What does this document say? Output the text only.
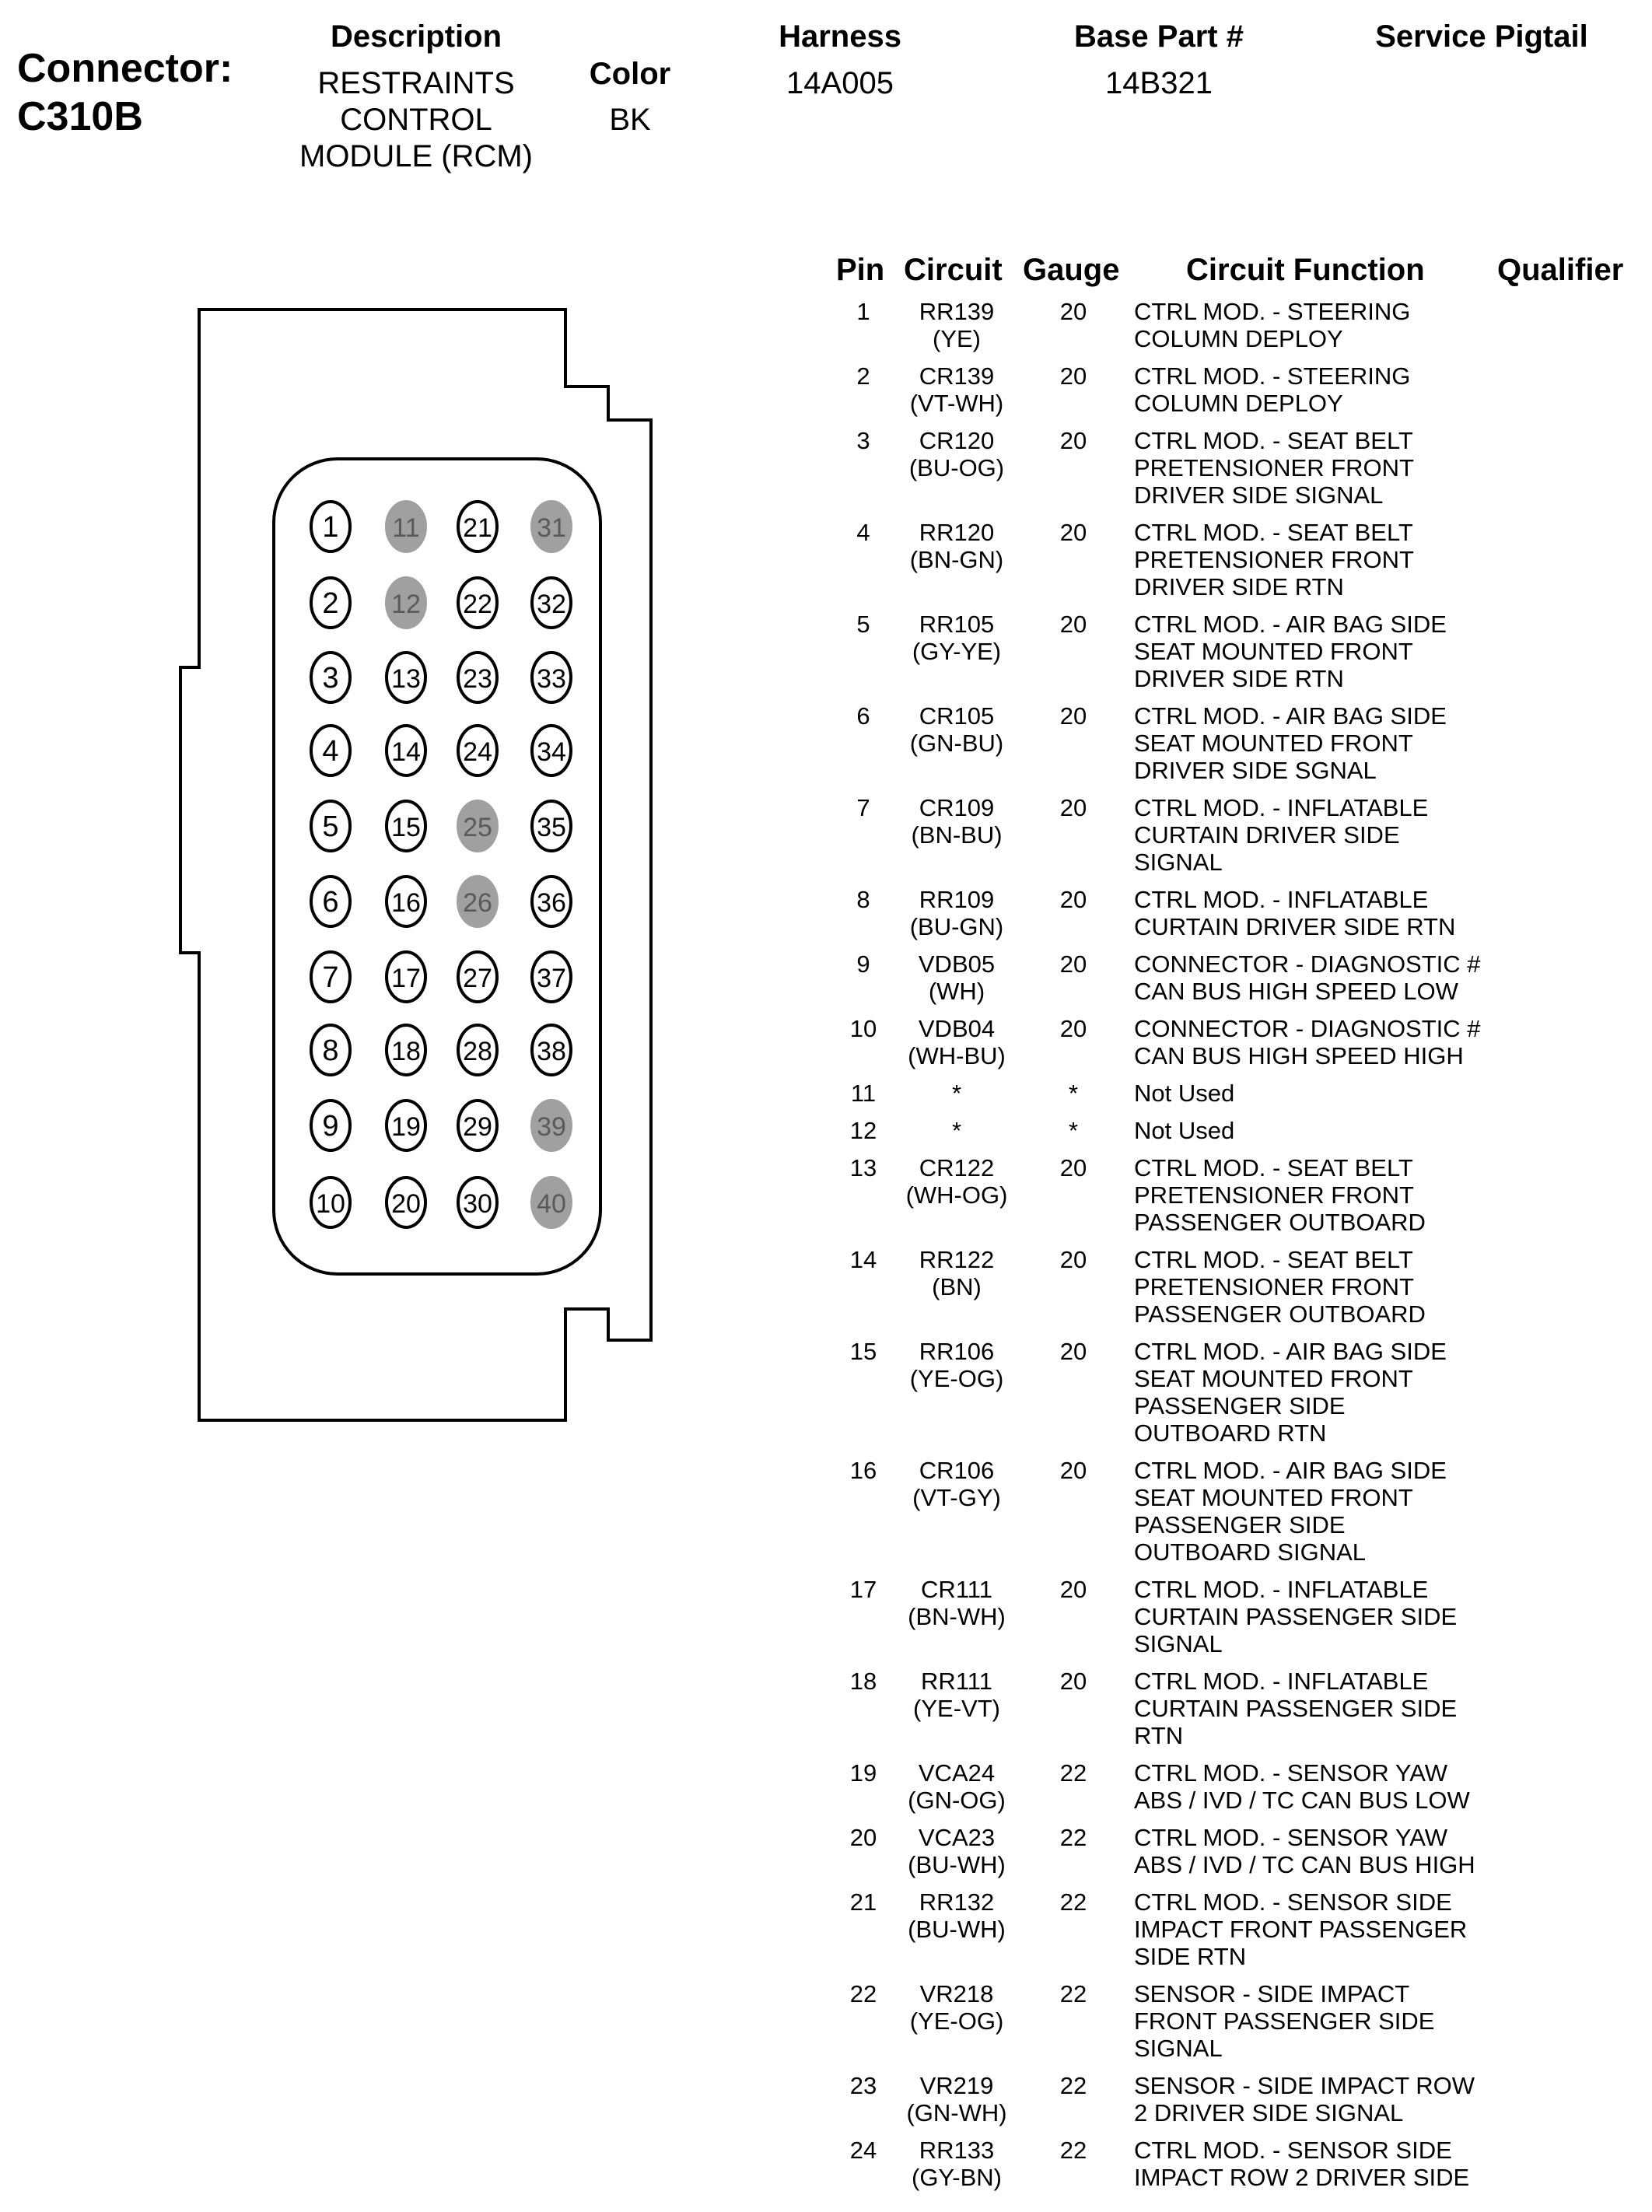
Connector:
C310B
Description
RESTRAINTS
CONTROL
MODULE (RCM)
Color
BK
Harness
14A005
Base Part #
14B321
Service Pigtail
1
2
3
4
5
6
7
8
9
10
11
12
13
14
15
16
17
18
19
20
21
22
23
24
25
26
27
28
29
30
31
32
33
34
35
36
37
38
39
40
Pin Circuit Gauge Circuit Function Qualifier
1	RR139
(YE)
20	CTRL MOD. - STEERING
COLUMN DEPLOY
2	CR139
(VT-WH)
20	CTRL MOD. - STEERING
COLUMN DEPLOY
3	CR120
(BU-OG)
20	CTRL MOD. - SEAT BELT
PRETENSIONER FRONT
DRIVER SIDE SIGNAL
4	RR120
(BN-GN)
20	CTRL MOD. - SEAT BELT
PRETENSIONER FRONT
DRIVER SIDE RTN
5	RR105
(GY-YE)
20	CTRL MOD. - AIR BAG SIDE
SEAT MOUNTED FRONT
DRIVER SIDE RTN
6	CR105
(GN-BU)
20	CTRL MOD. - AIR BAG SIDE
SEAT MOUNTED FRONT
DRIVER SIDE SGNAL
7	CR109
(BN-BU)
20	CTRL MOD. - INFLATABLE
CURTAIN DRIVER SIDE
SIGNAL
8	RR109
(BU-GN)
20	CTRL MOD. - INFLATABLE
CURTAIN DRIVER SIDE RTN
9	VDB05
(WH)
20	CONNECTOR - DIAGNOSTIC #
CAN BUS HIGH SPEED LOW
10	VDB04
(WH-BU)
20	CONNECTOR - DIAGNOSTIC #
CAN BUS HIGH SPEED HIGH
11	*	*	Not Used
12	*	*	Not Used
13	CR122
(WH-OG)
20	CTRL MOD. - SEAT BELT
PRETENSIONER FRONT
PASSENGER OUTBOARD
14	RR122
(BN)
20	CTRL MOD. - SEAT BELT
PRETENSIONER FRONT
PASSENGER OUTBOARD
15	RR106
(YE-OG)
20	CTRL MOD. - AIR BAG SIDE
SEAT MOUNTED FRONT
PASSENGER SIDE
OUTBOARD RTN
16	CR106
(VT-GY)
20	CTRL MOD. - AIR BAG SIDE
SEAT MOUNTED FRONT
PASSENGER SIDE
OUTBOARD SIGNAL
17	CR111
(BN-WH)
20	CTRL MOD. - INFLATABLE
CURTAIN PASSENGER SIDE
SIGNAL
18	RR111
(YE-VT)
20	CTRL MOD. - INFLATABLE
CURTAIN PASSENGER SIDE
RTN
19	VCA24
(GN-OG)
22	CTRL MOD. - SENSOR YAW
ABS / IVD / TC CAN BUS LOW
20	VCA23
(BU-WH)
22	CTRL MOD. - SENSOR YAW
ABS / IVD / TC CAN BUS HIGH
21	RR132
(BU-WH)
22	CTRL MOD. - SENSOR SIDE
IMPACT FRONT PASSENGER
SIDE RTN
22	VR218
(YE-OG)
22	SENSOR - SIDE IMPACT
FRONT PASSENGER SIDE
SIGNAL
23	VR219
(GN-WH)
22	SENSOR - SIDE IMPACT ROW
2 DRIVER SIDE SIGNAL
24	RR133
(GY-BN)
22	CTRL MOD. - SENSOR SIDE
IMPACT ROW 2 DRIVER SIDE
